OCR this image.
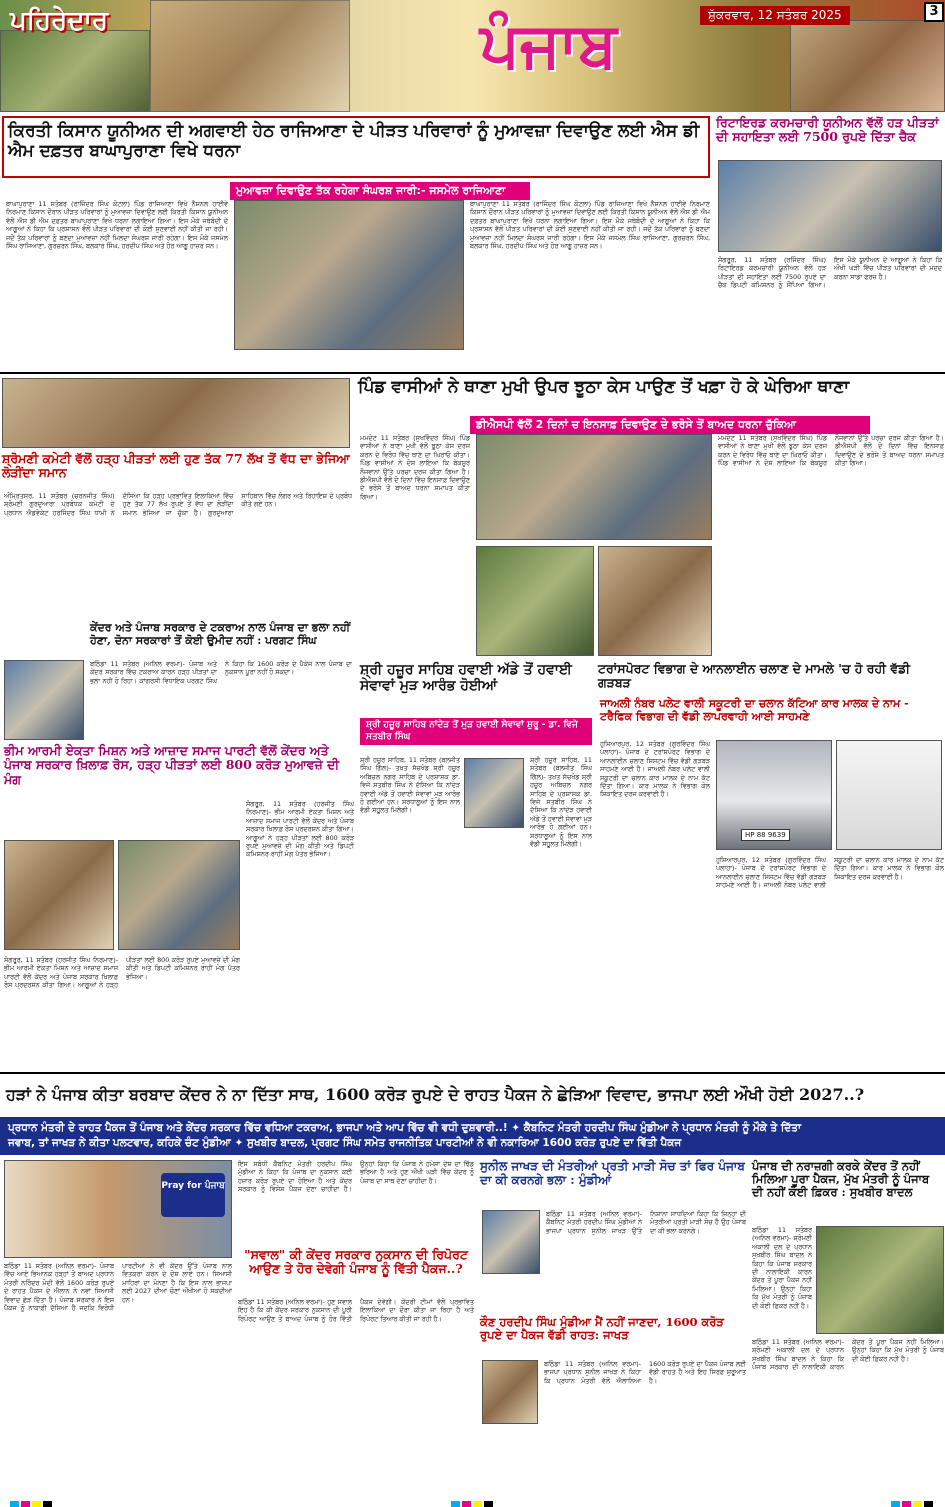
ਪਹਿਰੇਦਾਰ	ਪੰਜਾਬ	ਸ਼ੁੱਕਰਵਾਰ, 12 ਸਤੰਬਰ 2025	3
ਕਿਰਤੀ ਕਿਸਾਨ ਯੂਨੀਅਨ ਦੀ ਅਗਵਾਈ ਹੇਠ ਰਾਜਿਆਣਾ ਦੇ ਪੀੜਤ ਪਰਿਵਾਰਾਂ ਨੂੰ ਮੁਆਵਜ਼ਾ ਦਿਵਾਉਣ ਲਈ ਐਸ ਡੀ ਐਮ ਦਫ਼ਤਰ ਬਾਘਾਪੁਰਾਣਾ ਵਿਖੇ ਧਰਨਾ
ਮੁਆਵਜ਼ਾ ਦਿਵਾਉਣ ਤੱਕ ਰਹੇਗਾ ਸੰਘਰਸ਼ ਜਾਰੀ:- ਜਸਮੇਲ ਰਾਜਿਆਣਾ
ਬਾਘਾਪੁਰਾਣਾ 11 ਸਤੰਬਰ (ਰਾਜਿੰਦਰ ਸਿੰਘ ਕੋਟਲਾ) ਪਿੰਡ ਰਾਜਿਆਣਾ ਵਿਖੇ ਨੈਸ਼ਨਲ ਹਾਈਵੇ ਨਿਰਮਾਣ ਕਿਸਾਨ ਦੌਰਾਨ ਪੀੜਤ ਪਰਿਵਾਰਾਂ ਨੂੰ ਮੁਆਵਜ਼ਾ ਦਿਵਾਉਣ ਲਈ ਕਿਰਤੀ ਕਿਸਾਨ ਯੂਨੀਅਨ ਵੱਲੋਂ ਐਸ ਡੀ ਐਮ ਦਫ਼ਤਰ ਬਾਘਾਪੁਰਾਣਾ ਵਿਖੇ ਧਰਨਾ ਲਗਾਇਆ ਗਿਆ। ਇਸ ਮੌਕੇ ਜਥੇਬੰਦੀ ਦੇ ਆਗੂਆਂ ਨੇ ਕਿਹਾ ਕਿ ਪ੍ਰਸ਼ਾਸਨ ਵੱਲੋਂ ਪੀੜਤ ਪਰਿਵਾਰਾਂ ਦੀ ਕੋਈ ਸੁਣਵਾਈ ਨਹੀਂ ਕੀਤੀ ਜਾ ਰਹੀ। ਜਦੋਂ ਤੱਕ ਪਰਿਵਾਰਾਂ ਨੂੰ ਬਣਦਾ ਮੁਆਵਜ਼ਾ ਨਹੀਂ ਮਿਲਦਾ ਸੰਘਰਸ਼ ਜਾਰੀ ਰਹੇਗਾ। ਇਸ ਮੌਕੇ ਜਸਮੇਲ ਸਿੰਘ ਰਾਜਿਆਣਾ, ਗੁਰਚਰਨ ਸਿੰਘ, ਬਲਕਾਰ ਸਿੰਘ, ਹਰਦੀਪ ਸਿੰਘ ਅਤੇ ਹੋਰ ਆਗੂ ਹਾਜ਼ਰ ਸਨ।
ਬਾਘਾਪੁਰਾਣਾ 11 ਸਤੰਬਰ (ਰਾਜਿੰਦਰ ਸਿੰਘ ਕੋਟਲਾ) ਪਿੰਡ ਰਾਜਿਆਣਾ ਵਿਖੇ ਨੈਸ਼ਨਲ ਹਾਈਵੇ ਨਿਰਮਾਣ ਕਿਸਾਨ ਦੌਰਾਨ ਪੀੜਤ ਪਰਿਵਾਰਾਂ ਨੂੰ ਮੁਆਵਜ਼ਾ ਦਿਵਾਉਣ ਲਈ ਕਿਰਤੀ ਕਿਸਾਨ ਯੂਨੀਅਨ ਵੱਲੋਂ ਐਸ ਡੀ ਐਮ ਦਫ਼ਤਰ ਬਾਘਾਪੁਰਾਣਾ ਵਿਖੇ ਧਰਨਾ ਲਗਾਇਆ ਗਿਆ। ਇਸ ਮੌਕੇ ਜਥੇਬੰਦੀ ਦੇ ਆਗੂਆਂ ਨੇ ਕਿਹਾ ਕਿ ਪ੍ਰਸ਼ਾਸਨ ਵੱਲੋਂ ਪੀੜਤ ਪਰਿਵਾਰਾਂ ਦੀ ਕੋਈ ਸੁਣਵਾਈ ਨਹੀਂ ਕੀਤੀ ਜਾ ਰਹੀ। ਜਦੋਂ ਤੱਕ ਪਰਿਵਾਰਾਂ ਨੂੰ ਬਣਦਾ ਮੁਆਵਜ਼ਾ ਨਹੀਂ ਮਿਲਦਾ ਸੰਘਰਸ਼ ਜਾਰੀ ਰਹੇਗਾ। ਇਸ ਮੌਕੇ ਜਸਮੇਲ ਸਿੰਘ ਰਾਜਿਆਣਾ, ਗੁਰਚਰਨ ਸਿੰਘ, ਬਲਕਾਰ ਸਿੰਘ, ਹਰਦੀਪ ਸਿੰਘ ਅਤੇ ਹੋਰ ਆਗੂ ਹਾਜ਼ਰ ਸਨ।
ਰਿਟਾਇਰਡ ਕਰਮਚਾਰੀ ਯੂਨੀਅਨ ਵੱਲੋਂ ਹੜ ਪੀੜਤਾਂ ਦੀ ਸਹਾਇਤਾ ਲਈ 7500 ਰੁਪਏ ਦਿੱਤਾ ਚੈਕ
ਸੰਗਰੂਰ, 11 ਸਤੰਬਰ (ਰਜਿੰਦਰ ਸਿੰਘ) ਰਿਟਾਇਰਡ ਕਰਮਚਾਰੀ ਯੂਨੀਅਨ ਵੱਲੋਂ ਹੜ ਪੀੜਤਾਂ ਦੀ ਸਹਾਇਤਾ ਲਈ 7500 ਰੁਪਏ ਦਾ ਚੈਕ ਡਿਪਟੀ ਕਮਿਸ਼ਨਰ ਨੂੰ ਸੌਂਪਿਆ ਗਿਆ। ਇਸ ਮੌਕੇ ਯੂਨੀਅਨ ਦੇ ਆਗੂਆਂ ਨੇ ਕਿਹਾ ਕਿ ਔਖੀ ਘੜੀ ਵਿੱਚ ਪੀੜਤ ਪਰਿਵਾਰਾਂ ਦੀ ਮਦਦ ਕਰਨਾ ਸਾਡਾ ਫਰਜ਼ ਹੈ।
ਸ਼੍ਰੋਮਣੀ ਕਮੇਟੀ ਵੱਲੋਂ ਹੜ੍ਹ ਪੀੜਤਾਂ ਲਈ ਹੁਣ ਤੱਕ 77 ਲੱਖ ਤੋਂ ਵੱਧ ਦਾ ਭੇਜਿਆ ਲੋੜੀਂਦਾ ਸਮਾਨ
ਅੰਮ੍ਰਿਤਸਰ, 11 ਸਤੰਬਰ (ਚਰਨਜੀਤ ਸਿੰਘ) ਸ਼੍ਰੋਮਣੀ ਗੁਰਦੁਆਰਾ ਪ੍ਰਬੰਧਕ ਕਮੇਟੀ ਦੇ ਪ੍ਰਧਾਨ ਐਡਵੋਕੇਟ ਹਰਜਿੰਦਰ ਸਿੰਘ ਧਾਮੀ ਨੇ ਦੱਸਿਆ ਕਿ ਹੜ੍ਹ ਪ੍ਰਭਾਵਿਤ ਇਲਾਕਿਆਂ ਵਿੱਚ ਹੁਣ ਤੱਕ 77 ਲੱਖ ਰੁਪਏ ਤੋਂ ਵੱਧ ਦਾ ਲੋੜੀਂਦਾ ਸਮਾਨ ਭੇਜਿਆ ਜਾ ਚੁੱਕਾ ਹੈ। ਗੁਰਦੁਆਰਾ ਸਾਹਿਬਾਨ ਵਿੱਚ ਲੰਗਰ ਅਤੇ ਰਿਹਾਇਸ਼ ਦੇ ਪ੍ਰਬੰਧ ਕੀਤੇ ਗਏ ਹਨ।
ਕੇਂਦਰ ਅਤੇ ਪੰਜਾਬ ਸਰਕਾਰ ਦੇ ਟਕਰਾਅ ਨਾਲ ਪੰਜਾਬ ਦਾ ਭਲਾ ਨਹੀਂ ਹੋਣਾ, ਦੋਨਾ ਸਰਕਾਰਾਂ ਤੋਂ ਕੋਈ ਉਮੀਦ ਨਹੀਂ : ਪਰਗਟ ਸਿੰਘ
ਬਠਿੰਡਾ 11 ਸਤੰਬਰ (ਅਨਿਲ ਵਰਮਾ)- ਪੰਜਾਬ ਅਤੇ ਕੇਂਦਰ ਸਰਕਾਰ ਵਿੱਚ ਟਕਰਾਅ ਕਾਰਨ ਹੜ੍ਹ ਪੀੜਤਾਂ ਦਾ ਭਲਾ ਨਹੀਂ ਹੋ ਰਿਹਾ। ਕਾਂਗਰਸੀ ਵਿਧਾਇਕ ਪਰਗਟ ਸਿੰਘ ਨੇ ਕਿਹਾ ਕਿ 1600 ਕਰੋੜ ਦੇ ਪੈਕੇਜ ਨਾਲ ਪੰਜਾਬ ਦਾ ਨੁਕਸਾਨ ਪੂਰਾ ਨਹੀਂ ਹੋ ਸਕਦਾ।
ਪਿੰਡ ਵਾਸੀਆਂ ਨੇ ਥਾਣਾ ਮੁਖੀ ਉਪਰ ਝੂਠਾ ਕੇਸ ਪਾਉਣ ਤੋਂ ਖਫ਼ਾ ਹੋ ਕੇ ਘੇਰਿਆ ਥਾਣਾ
ਡੀਐਸਪੀ ਵੱਲੋਂ 2 ਦਿਨਾਂ ਚ ਇਨਸਾਫ਼ ਦਿਵਾਉਣ ਦੇ ਭਰੋਸੇ ਤੋਂ ਬਾਅਦ ਧਰਨਾ ਚੁੱਕਿਆ
ਮਮਦੋਟ 11 ਸਤੰਬਰ (ਸੁਖਵਿੰਦਰ ਸਿੰਘ) ਪਿੰਡ ਵਾਸੀਆਂ ਨੇ ਥਾਣਾ ਮੁਖੀ ਵੱਲੋਂ ਝੂਠਾ ਕੇਸ ਦਰਜ ਕਰਨ ਦੇ ਵਿਰੋਧ ਵਿੱਚ ਥਾਣੇ ਦਾ ਘਿਰਾਓ ਕੀਤਾ। ਪਿੰਡ ਵਾਸੀਆਂ ਨੇ ਦੋਸ਼ ਲਾਇਆ ਕਿ ਬੇਕਸੂਰ ਨੌਜਵਾਨਾਂ ਉੱਤੇ ਪਰਚਾ ਦਰਜ ਕੀਤਾ ਗਿਆ ਹੈ। ਡੀਐਸਪੀ ਵੱਲੋਂ ਦੋ ਦਿਨਾਂ ਵਿੱਚ ਇਨਸਾਫ਼ ਦਿਵਾਉਣ ਦੇ ਭਰੋਸੇ ਤੋਂ ਬਾਅਦ ਧਰਨਾ ਸਮਾਪਤ ਕੀਤਾ ਗਿਆ।
ਮਮਦੋਟ 11 ਸਤੰਬਰ (ਸੁਖਵਿੰਦਰ ਸਿੰਘ) ਪਿੰਡ ਵਾਸੀਆਂ ਨੇ ਥਾਣਾ ਮੁਖੀ ਵੱਲੋਂ ਝੂਠਾ ਕੇਸ ਦਰਜ ਕਰਨ ਦੇ ਵਿਰੋਧ ਵਿੱਚ ਥਾਣੇ ਦਾ ਘਿਰਾਓ ਕੀਤਾ। ਪਿੰਡ ਵਾਸੀਆਂ ਨੇ ਦੋਸ਼ ਲਾਇਆ ਕਿ ਬੇਕਸੂਰ ਨੌਜਵਾਨਾਂ ਉੱਤੇ ਪਰਚਾ ਦਰਜ ਕੀਤਾ ਗਿਆ ਹੈ। ਡੀਐਸਪੀ ਵੱਲੋਂ ਦੋ ਦਿਨਾਂ ਵਿੱਚ ਇਨਸਾਫ਼ ਦਿਵਾਉਣ ਦੇ ਭਰੋਸੇ ਤੋਂ ਬਾਅਦ ਧਰਨਾ ਸਮਾਪਤ ਕੀਤਾ ਗਿਆ।
ਸ਼੍ਰੀ ਹਜ਼ੂਰ ਸਾਹਿਬ ਹਵਾਈ ਅੱਡੇ ਤੋਂ ਹਵਾਈ ਸੇਵਾਵਾਂ ਮੁੜ ਆਰੰਭ ਹੋਈਆਂ
ਸ਼੍ਰੀ ਹਜ਼ੂਰ ਸਾਹਿਬ ਨਾਂਦੇੜ ਤੋਂ ਮੁੜ ਹਵਾਈ ਸੇਵਾਵਾਂ ਸ਼ੁਰੂ - ਡਾ. ਵਿਜੇ ਸਤਬੀਰ ਸਿੰਘ
ਸ਼੍ਰੀ ਹਜ਼ੂਰ ਸਾਹਿਬ, 11 ਸਤੰਬਰ (ਬਲਜੀਤ ਸਿੰਘ ਗਿੱਲ)- ਤਖ਼ਤ ਸੱਚਖੰਡ ਸ਼੍ਰੀ ਹਜ਼ੂਰ ਅਬਿਚਲ ਨਗਰ ਸਾਹਿਬ ਦੇ ਪ੍ਰਸ਼ਾਸਕ ਡਾ. ਵਿਜੇ ਸਤਬੀਰ ਸਿੰਘ ਨੇ ਦੱਸਿਆ ਕਿ ਨਾਂਦੇੜ ਹਵਾਈ ਅੱਡੇ ਤੋਂ ਹਵਾਈ ਸੇਵਾਵਾਂ ਮੁੜ ਆਰੰਭ ਹੋ ਗਈਆਂ ਹਨ। ਸ਼ਰਧਾਲੂਆਂ ਨੂੰ ਇਸ ਨਾਲ ਵੱਡੀ ਸਹੂਲਤ ਮਿਲੇਗੀ।
ਸ਼੍ਰੀ ਹਜ਼ੂਰ ਸਾਹਿਬ, 11 ਸਤੰਬਰ (ਬਲਜੀਤ ਸਿੰਘ ਗਿੱਲ)- ਤਖ਼ਤ ਸੱਚਖੰਡ ਸ਼੍ਰੀ ਹਜ਼ੂਰ ਅਬਿਚਲ ਨਗਰ ਸਾਹਿਬ ਦੇ ਪ੍ਰਸ਼ਾਸਕ ਡਾ. ਵਿਜੇ ਸਤਬੀਰ ਸਿੰਘ ਨੇ ਦੱਸਿਆ ਕਿ ਨਾਂਦੇੜ ਹਵਾਈ ਅੱਡੇ ਤੋਂ ਹਵਾਈ ਸੇਵਾਵਾਂ ਮੁੜ ਆਰੰਭ ਹੋ ਗਈਆਂ ਹਨ। ਸ਼ਰਧਾਲੂਆਂ ਨੂੰ ਇਸ ਨਾਲ ਵੱਡੀ ਸਹੂਲਤ ਮਿਲੇਗੀ।
ਟਰਾਂਸਪੋਰਟ ਵਿਭਾਗ ਦੇ ਆਨਲਾਈਨ ਚਲਾਣ ਦੇ ਮਾਮਲੇ 'ਚ ਹੋ ਰਹੀ ਵੱਡੀ ਗੜਬੜ
ਜਾਅਲੀ ਨੰਬਰ ਪਲੇਟ ਵਾਲੀ ਸਕੂਟਰੀ ਦਾ ਚਲਾਨ ਕੱਟਿਆ ਕਾਰ ਮਾਲਕ ਦੇ ਨਾਮ - ਟਰੈਫਿਕ ਵਿਭਾਗ ਦੀ ਵੱਡੀ ਲਾਪਰਵਾਹੀ ਆਈ ਸਾਹਮਣੇ
ਹੁਸ਼ਿਆਰਪੁਰ, 12 ਸਤੰਬਰ (ਗੁਰਵਿੰਦਰ ਸਿੰਘ ਪਲਾਹਾ)- ਪੰਜਾਬ ਦੇ ਟਰਾਂਸਪੋਰਟ ਵਿਭਾਗ ਦੇ ਆਨਲਾਈਨ ਚਲਾਣ ਸਿਸਟਮ ਵਿੱਚ ਵੱਡੀ ਗੜਬੜ ਸਾਹਮਣੇ ਆਈ ਹੈ। ਜਾਅਲੀ ਨੰਬਰ ਪਲੇਟ ਵਾਲੀ ਸਕੂਟਰੀ ਦਾ ਚਲਾਨ ਕਾਰ ਮਾਲਕ ਦੇ ਨਾਮ ਕੱਟ ਦਿੱਤਾ ਗਿਆ। ਕਾਰ ਮਾਲਕ ਨੇ ਵਿਭਾਗ ਕੋਲ ਸ਼ਿਕਾਇਤ ਦਰਜ ਕਰਵਾਈ ਹੈ।
HP 88 9639
ਹੁਸ਼ਿਆਰਪੁਰ, 12 ਸਤੰਬਰ (ਗੁਰਵਿੰਦਰ ਸਿੰਘ ਪਲਾਹਾ)- ਪੰਜਾਬ ਦੇ ਟਰਾਂਸਪੋਰਟ ਵਿਭਾਗ ਦੇ ਆਨਲਾਈਨ ਚਲਾਣ ਸਿਸਟਮ ਵਿੱਚ ਵੱਡੀ ਗੜਬੜ ਸਾਹਮਣੇ ਆਈ ਹੈ। ਜਾਅਲੀ ਨੰਬਰ ਪਲੇਟ ਵਾਲੀ ਸਕੂਟਰੀ ਦਾ ਚਲਾਨ ਕਾਰ ਮਾਲਕ ਦੇ ਨਾਮ ਕੱਟ ਦਿੱਤਾ ਗਿਆ। ਕਾਰ ਮਾਲਕ ਨੇ ਵਿਭਾਗ ਕੋਲ ਸ਼ਿਕਾਇਤ ਦਰਜ ਕਰਵਾਈ ਹੈ।
ਭੀਮ ਆਰਮੀ ਏਕਤਾ ਮਿਸ਼ਨ ਅਤੇ ਆਜ਼ਾਦ ਸਮਾਜ ਪਾਰਟੀ ਵੱਲੋਂ ਕੇਂਦਰ ਅਤੇ ਪੰਜਾਬ ਸਰਕਾਰ ਖ਼ਿਲਾਫ਼ ਰੋਸ, ਹੜ੍ਹ ਪੀੜਤਾਂ ਲਈ 800 ਕਰੋੜ ਮੁਆਵਜ਼ੇ ਦੀ ਮੰਗ
ਸੰਗਰੂਰ, 11 ਸਤੰਬਰ (ਹਰਜੀਤ ਸਿੰਘ ਨਿਰਮਾਣ)- ਭੀਮ ਆਰਮੀ ਏਕਤਾ ਮਿਸ਼ਨ ਅਤੇ ਆਜ਼ਾਦ ਸਮਾਜ ਪਾਰਟੀ ਵੱਲੋਂ ਕੇਂਦਰ ਅਤੇ ਪੰਜਾਬ ਸਰਕਾਰ ਖ਼ਿਲਾਫ਼ ਰੋਸ ਪ੍ਰਦਰਸ਼ਨ ਕੀਤਾ ਗਿਆ। ਆਗੂਆਂ ਨੇ ਹੜ੍ਹ ਪੀੜਤਾਂ ਲਈ 800 ਕਰੋੜ ਰੁਪਏ ਮੁਆਵਜ਼ੇ ਦੀ ਮੰਗ ਕੀਤੀ ਅਤੇ ਡਿਪਟੀ ਕਮਿਸ਼ਨਰ ਰਾਹੀਂ ਮੰਗ ਪੱਤਰ ਭੇਜਿਆ।
ਸੰਗਰੂਰ, 11 ਸਤੰਬਰ (ਹਰਜੀਤ ਸਿੰਘ ਨਿਰਮਾਣ)- ਭੀਮ ਆਰਮੀ ਏਕਤਾ ਮਿਸ਼ਨ ਅਤੇ ਆਜ਼ਾਦ ਸਮਾਜ ਪਾਰਟੀ ਵੱਲੋਂ ਕੇਂਦਰ ਅਤੇ ਪੰਜਾਬ ਸਰਕਾਰ ਖ਼ਿਲਾਫ਼ ਰੋਸ ਪ੍ਰਦਰਸ਼ਨ ਕੀਤਾ ਗਿਆ। ਆਗੂਆਂ ਨੇ ਹੜ੍ਹ ਪੀੜਤਾਂ ਲਈ 800 ਕਰੋੜ ਰੁਪਏ ਮੁਆਵਜ਼ੇ ਦੀ ਮੰਗ ਕੀਤੀ ਅਤੇ ਡਿਪਟੀ ਕਮਿਸ਼ਨਰ ਰਾਹੀਂ ਮੰਗ ਪੱਤਰ ਭੇਜਿਆ।
ਹੜਾਂ ਨੇ ਪੰਜਾਬ ਕੀਤਾ ਬਰਬਾਦ ਕੇਂਦਰ ਨੇ ਨਾ ਦਿੱਤਾ ਸਾਥ, 1600 ਕਰੋੜ ਰੁਪਏ ਦੇ ਰਾਹਤ ਪੈਕਜ ਨੇ ਛੇੜਿਆ ਵਿਵਾਦ, ਭਾਜਪਾ ਲਈ ਔਖੀ ਹੋਈ 2027..?
ਪ੍ਰਧਾਨ ਮੰਤਰੀ ਦੇ ਰਾਹਤ ਪੈਕਜ ਤੋਂ ਪੰਜਾਬ ਅਤੇ ਕੇਂਦਰ ਸਰਕਾਰ ਵਿੱਚ ਵਧਿਆ ਟਕਰਾਅ, ਭਾਜਪਾ ਅਤੇ ਆਪ ਵਿੱਚ ਵੀ ਵਧੀ ਦੁਸ਼ਵਾਰੀ..! ✦ ਕੈਬਨਿਟ ਮੰਤਰੀ ਹਰਦੀਪ ਸਿੰਘ ਮੁੰਡੀਆ ਨੇ ਪ੍ਰਧਾਨ ਮੰਤਰੀ ਨੂੰ ਮੌਕੇ ਤੇ ਦਿੱਤਾ
ਜਵਾਬ, ਤਾਂ ਜਾਖੜ ਨੇ ਕੀਤਾ ਪਲਟਵਾਰ, ਕਹਿਕੇ ਚੰਟ ਮੁੰਡੀਆ ✦ ਸੁਖਬੀਰ ਬਾਦਲ, ਪ੍ਰਗਟ ਸਿੰਘ ਸਮੇਤ ਰਾਜਨੀਤਿਕ ਪਾਰਟੀਆਂ ਨੇ ਵੀ ਨਕਾਰਿਆ 1600 ਕਰੋੜ ਰੁਪਏ ਦਾ ਵਿੱਤੀ ਪੈਕਜ
Pray for ਪੰਜਾਬ
ਬਠਿੰਡਾ 11 ਸਤੰਬਰ (ਅਨਿਲ ਵਰਮਾ)- ਪੰਜਾਬ ਵਿੱਚ ਆਏ ਭਿਆਨਕ ਹੜ੍ਹਾਂ ਤੋਂ ਬਾਅਦ ਪ੍ਰਧਾਨ ਮੰਤਰੀ ਨਰਿੰਦਰ ਮੋਦੀ ਵੱਲੋਂ 1600 ਕਰੋੜ ਰੁਪਏ ਦੇ ਰਾਹਤ ਪੈਕਜ ਦੇ ਐਲਾਨ ਨੇ ਨਵਾਂ ਸਿਆਸੀ ਵਿਵਾਦ ਛੇੜ ਦਿੱਤਾ ਹੈ। ਪੰਜਾਬ ਸਰਕਾਰ ਨੇ ਇਸ ਪੈਕਜ ਨੂੰ ਨਾਕਾਫ਼ੀ ਦੱਸਿਆ ਹੈ ਜਦਕਿ ਵਿਰੋਧੀ ਪਾਰਟੀਆਂ ਨੇ ਵੀ ਕੇਂਦਰ ਉੱਤੇ ਪੰਜਾਬ ਨਾਲ ਵਿਤਕਰਾ ਕਰਨ ਦੇ ਦੋਸ਼ ਲਾਏ ਹਨ। ਸਿਆਸੀ ਮਾਹਿਰਾਂ ਦਾ ਮੰਨਣਾ ਹੈ ਕਿ ਇਸ ਨਾਲ ਭਾਜਪਾ ਲਈ 2027 ਦੀਆਂ ਚੋਣਾਂ ਔਖੀਆਂ ਹੋ ਸਕਦੀਆਂ ਹਨ।
ਇਸ ਸਬੰਧੀ ਕੈਬਨਿਟ ਮੰਤਰੀ ਹਰਦੀਪ ਸਿੰਘ ਮੁੰਡੀਆ ਨੇ ਕਿਹਾ ਕਿ ਪੰਜਾਬ ਦਾ ਨੁਕਸਾਨ ਕਈ ਹਜ਼ਾਰ ਕਰੋੜ ਰੁਪਏ ਦਾ ਹੋਇਆ ਹੈ ਅਤੇ ਕੇਂਦਰ ਸਰਕਾਰ ਨੂੰ ਵਿਸ਼ੇਸ਼ ਪੈਕਜ ਦੇਣਾ ਚਾਹੀਦਾ ਹੈ। ਉਨ੍ਹਾਂ ਕਿਹਾ ਕਿ ਪੰਜਾਬ ਨੇ ਹਮੇਸ਼ਾ ਦੇਸ਼ ਦਾ ਢਿੱਡ ਭਰਿਆ ਹੈ ਅਤੇ ਹੁਣ ਔਖੀ ਘੜੀ ਵਿੱਚ ਕੇਂਦਰ ਨੂੰ ਪੰਜਾਬ ਦਾ ਸਾਥ ਦੇਣਾ ਚਾਹੀਦਾ ਹੈ।
"ਸਵਾਲ" ਕੀ ਕੇਂਦਰ ਸਰਕਾਰ ਨੁਕਸਾਨ ਦੀ ਰਿਪੋਰਟ ਆਉਣ ਤੇ ਹੋਰ ਦੇਵੇਗੀ ਪੰਜਾਬ ਨੂੰ ਵਿੱਤੀ ਪੈਕਜ..?
ਬਠਿੰਡਾ 11 ਸਤੰਬਰ (ਅਨਿਲ ਵਰਮਾ)- ਹੁਣ ਸਵਾਲ ਇਹ ਹੈ ਕਿ ਕੀ ਕੇਂਦਰ ਸਰਕਾਰ ਨੁਕਸਾਨ ਦੀ ਪੂਰੀ ਰਿਪੋਰਟ ਆਉਣ ਤੋਂ ਬਾਅਦ ਪੰਜਾਬ ਨੂੰ ਹੋਰ ਵਿੱਤੀ ਪੈਕਜ ਦੇਵੇਗੀ। ਕੇਂਦਰੀ ਟੀਮਾਂ ਵੱਲੋਂ ਪ੍ਰਭਾਵਿਤ ਇਲਾਕਿਆਂ ਦਾ ਦੌਰਾ ਕੀਤਾ ਜਾ ਰਿਹਾ ਹੈ ਅਤੇ ਰਿਪੋਰਟ ਤਿਆਰ ਕੀਤੀ ਜਾ ਰਹੀ ਹੈ।
ਸੁਨੀਲ ਜਾਖੜ ਦੀ ਮੰਤਰੀਆਂ ਪ੍ਰਤੀ ਮਾੜੀ ਸੋਚ ਤਾਂ ਫਿਰ ਪੰਜਾਬ ਦਾ ਕੀ ਕਰਨਗੇ ਭਲਾ : ਮੁੰਡੀਆਂ
ਬਠਿੰਡਾ 11 ਸਤੰਬਰ (ਅਨਿਲ ਵਰਮਾ)- ਕੈਬਨਿਟ ਮੰਤਰੀ ਹਰਦੀਪ ਸਿੰਘ ਮੁੰਡੀਆਂ ਨੇ ਭਾਜਪਾ ਪ੍ਰਧਾਨ ਸੁਨੀਲ ਜਾਖੜ ਉੱਤੇ ਨਿਸ਼ਾਨਾ ਸਾਧਦਿਆਂ ਕਿਹਾ ਕਿ ਜਿਨ੍ਹਾਂ ਦੀ ਮੰਤਰੀਆਂ ਪ੍ਰਤੀ ਮਾੜੀ ਸੋਚ ਹੈ ਉਹ ਪੰਜਾਬ ਦਾ ਕੀ ਭਲਾ ਕਰਨਗੇ।
ਕੌਣ ਹਰਦੀਪ ਸਿੰਘ ਮੁੰਡੀਆ ਮੈਂ ਨਹੀਂ ਜਾਣਦਾ, 1600 ਕਰੋੜ ਰੁਪਏ ਦਾ ਪੈਕਜ ਵੱਡੀ ਰਾਹਤ: ਜਾਖੜ
ਬਠਿੰਡਾ 11 ਸਤੰਬਰ (ਅਨਿਲ ਵਰਮਾ)- ਭਾਜਪਾ ਪ੍ਰਧਾਨ ਸੁਨੀਲ ਜਾਖੜ ਨੇ ਕਿਹਾ ਕਿ ਪ੍ਰਧਾਨ ਮੰਤਰੀ ਵੱਲੋਂ ਐਲਾਨਿਆ 1600 ਕਰੋੜ ਰੁਪਏ ਦਾ ਪੈਕਜ ਪੰਜਾਬ ਲਈ ਵੱਡੀ ਰਾਹਤ ਹੈ ਅਤੇ ਇਹ ਸਿਰਫ਼ ਸ਼ੁਰੂਆਤ ਹੈ।
ਪੰਜਾਬ ਦੀ ਨਰਾਜ਼ਗੀ ਕਰਕੇ ਕੇਂਦਰ ਤੋਂ ਨਹੀਂ ਮਿਲਿਆ ਪੂਰਾ ਪੈਕਜ, ਮੁੱਖ ਮੰਤਰੀ ਨੂੰ ਪੰਜਾਬ ਦੀ ਨਹੀਂ ਕੋਈ ਫ਼ਿਕਰ : ਸੁਖਬੀਰ ਬਾਦਲ
ਬਠਿੰਡਾ 11 ਸਤੰਬਰ (ਅਨਿਲ ਵਰਮਾ)- ਸ਼੍ਰੋਮਣੀ ਅਕਾਲੀ ਦਲ ਦੇ ਪ੍ਰਧਾਨ ਸੁਖਬੀਰ ਸਿੰਘ ਬਾਦਲ ਨੇ ਕਿਹਾ ਕਿ ਪੰਜਾਬ ਸਰਕਾਰ ਦੀ ਨਾਲਾਇਕੀ ਕਾਰਨ ਕੇਂਦਰ ਤੋਂ ਪੂਰਾ ਪੈਕਜ ਨਹੀਂ ਮਿਲਿਆ। ਉਨ੍ਹਾਂ ਕਿਹਾ ਕਿ ਮੁੱਖ ਮੰਤਰੀ ਨੂੰ ਪੰਜਾਬ ਦੀ ਕੋਈ ਫ਼ਿਕਰ ਨਹੀਂ ਹੈ।
ਬਠਿੰਡਾ 11 ਸਤੰਬਰ (ਅਨਿਲ ਵਰਮਾ)- ਸ਼੍ਰੋਮਣੀ ਅਕਾਲੀ ਦਲ ਦੇ ਪ੍ਰਧਾਨ ਸੁਖਬੀਰ ਸਿੰਘ ਬਾਦਲ ਨੇ ਕਿਹਾ ਕਿ ਪੰਜਾਬ ਸਰਕਾਰ ਦੀ ਨਾਲਾਇਕੀ ਕਾਰਨ ਕੇਂਦਰ ਤੋਂ ਪੂਰਾ ਪੈਕਜ ਨਹੀਂ ਮਿਲਿਆ। ਉਨ੍ਹਾਂ ਕਿਹਾ ਕਿ ਮੁੱਖ ਮੰਤਰੀ ਨੂੰ ਪੰਜਾਬ ਦੀ ਕੋਈ ਫ਼ਿਕਰ ਨਹੀਂ ਹੈ।
